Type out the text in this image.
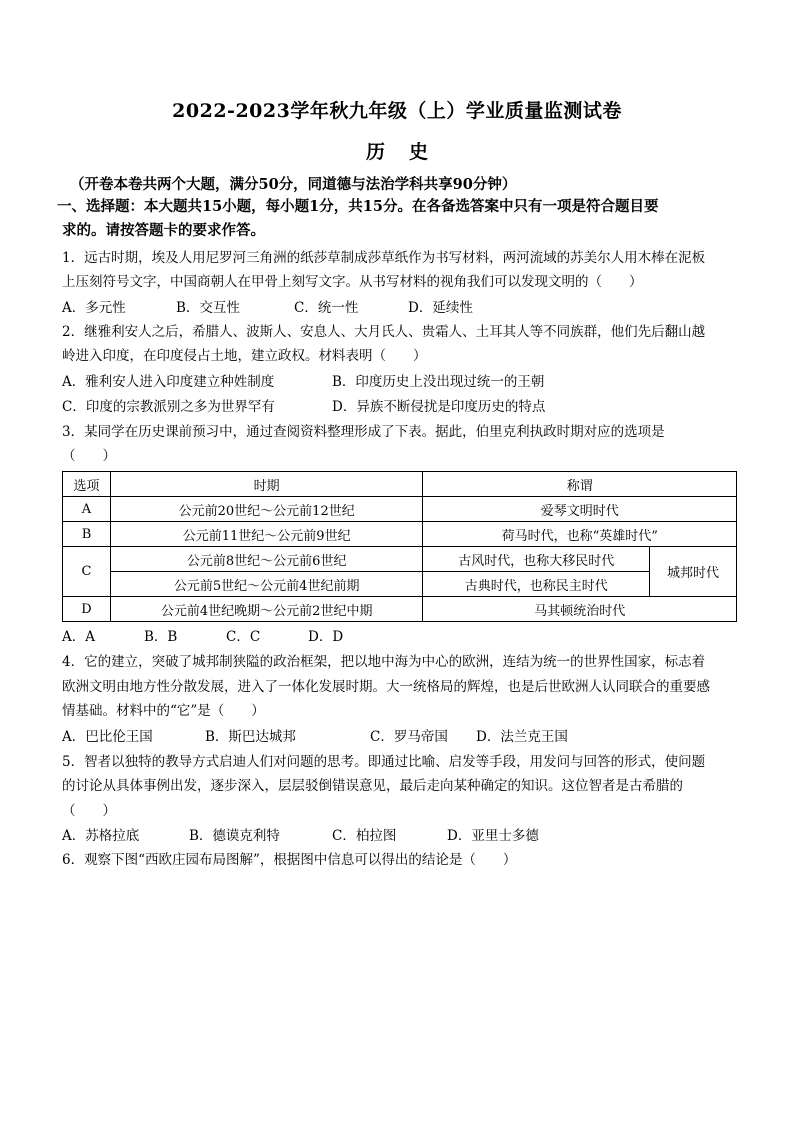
2022-2023学年秋九年级（上）学业质量监测试卷
历史
（开卷本卷共两个大题，满分50分，同道德与法治学科共享90分钟）
一、选择题：本大题共15小题，每小题1分，共15分。在各备选答案中只有一项是符合题目要
求的。请按答题卡的要求作答。
1．远古时期，埃及人用尼罗河三角洲的纸莎草制成莎草纸作为书写材料，两河流域的苏美尔人用木棒在泥板
上压刻符号文字，中国商朝人在甲骨上刻写文字。从书写材料的视角我们可以发现文明的（　　）
A．多元性	B．交互性	C．统一性	D．延续性
2．继雅利安人之后，希腊人、波斯人、安息人、大月氏人、贵霜人、土耳其人等不同族群，他们先后翻山越
岭进入印度，在印度侵占土地，建立政权。材料表明（　　）
A．雅利安人进入印度建立种姓制度	B．印度历史上没出现过统一的王朝
C．印度的宗教派别之多为世界罕有	D．异族不断侵扰是印度历史的特点
3．某同学在历史课前预习中，通过查阅资料整理形成了下表。据此，伯里克利执政时期对应的选项是
（　　）
选项	时期	称谓	
A	公元前20世纪～公元前12世纪	爱琴文明时代	
B	公元前11世纪～公元前9世纪	荷马时代，也称“英雄时代”	
C	公元前8世纪～公元前6世纪	古风时代，也称大移民时代	城邦时代
	公元前5世纪～公元前4世纪前期	古典时代，也称民主时代	
D	公元前4世纪晚期～公元前2世纪中期	马其顿统治时代	
A．A	B．B	C．C	D．D
4．它的建立，突破了城邦制狭隘的政治框架，把以地中海为中心的欧洲，连结为统一的世界性国家，标志着
欧洲文明由地方性分散发展，进入了一体化发展时期。大一统格局的辉煌，也是后世欧洲人认同联合的重要感
情基础。材料中的“它”是（　　）
A．巴比伦王国	B．斯巴达城邦	C．罗马帝国 D．法兰克王国
5．智者以独特的教导方式启迪人们对问题的思考。即通过比喻、启发等手段，用发问与回答的形式，使问题
的讨论从具体事例出发，逐步深入，层层驳倒错误意见，最后走向某种确定的知识。这位智者是古希腊的
（　　）
A．苏格拉底	B．德谟克利特	C．柏拉图	D．亚里士多德
6．观察下图“西欧庄园布局图解”，根据图中信息可以得出的结论是（　　）
